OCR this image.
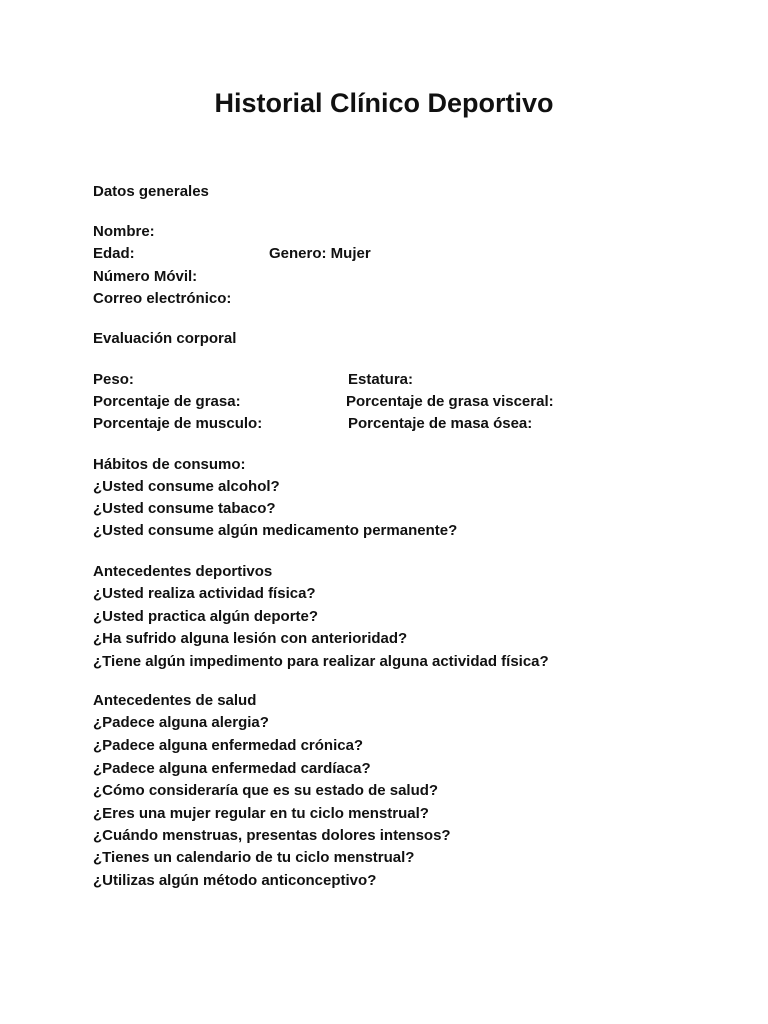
Historial Clínico Deportivo
Datos generales
Nombre:
Edad:	Genero: Mujer
Número Móvil:
Correo electrónico:
Evaluación corporal
Peso:	Estatura:
Porcentaje de grasa:	Porcentaje de grasa visceral:
Porcentaje de musculo:	Porcentaje de masa ósea:
Hábitos de consumo:
¿Usted consume alcohol?
¿Usted consume tabaco?
¿Usted consume algún medicamento permanente?
Antecedentes deportivos
¿Usted realiza actividad física?
¿Usted practica algún deporte?
¿Ha sufrido alguna lesión con anterioridad?
¿Tiene algún impedimento para realizar alguna actividad física?
Antecedentes de salud
¿Padece alguna alergia?
¿Padece alguna enfermedad crónica?
¿Padece alguna enfermedad cardíaca?
¿Cómo consideraría que es su estado de salud?
¿Eres una mujer regular en tu ciclo menstrual?
¿Cuándo menstruas, presentas dolores intensos?
¿Tienes un calendario de tu ciclo menstrual?
¿Utilizas algún método anticonceptivo?
